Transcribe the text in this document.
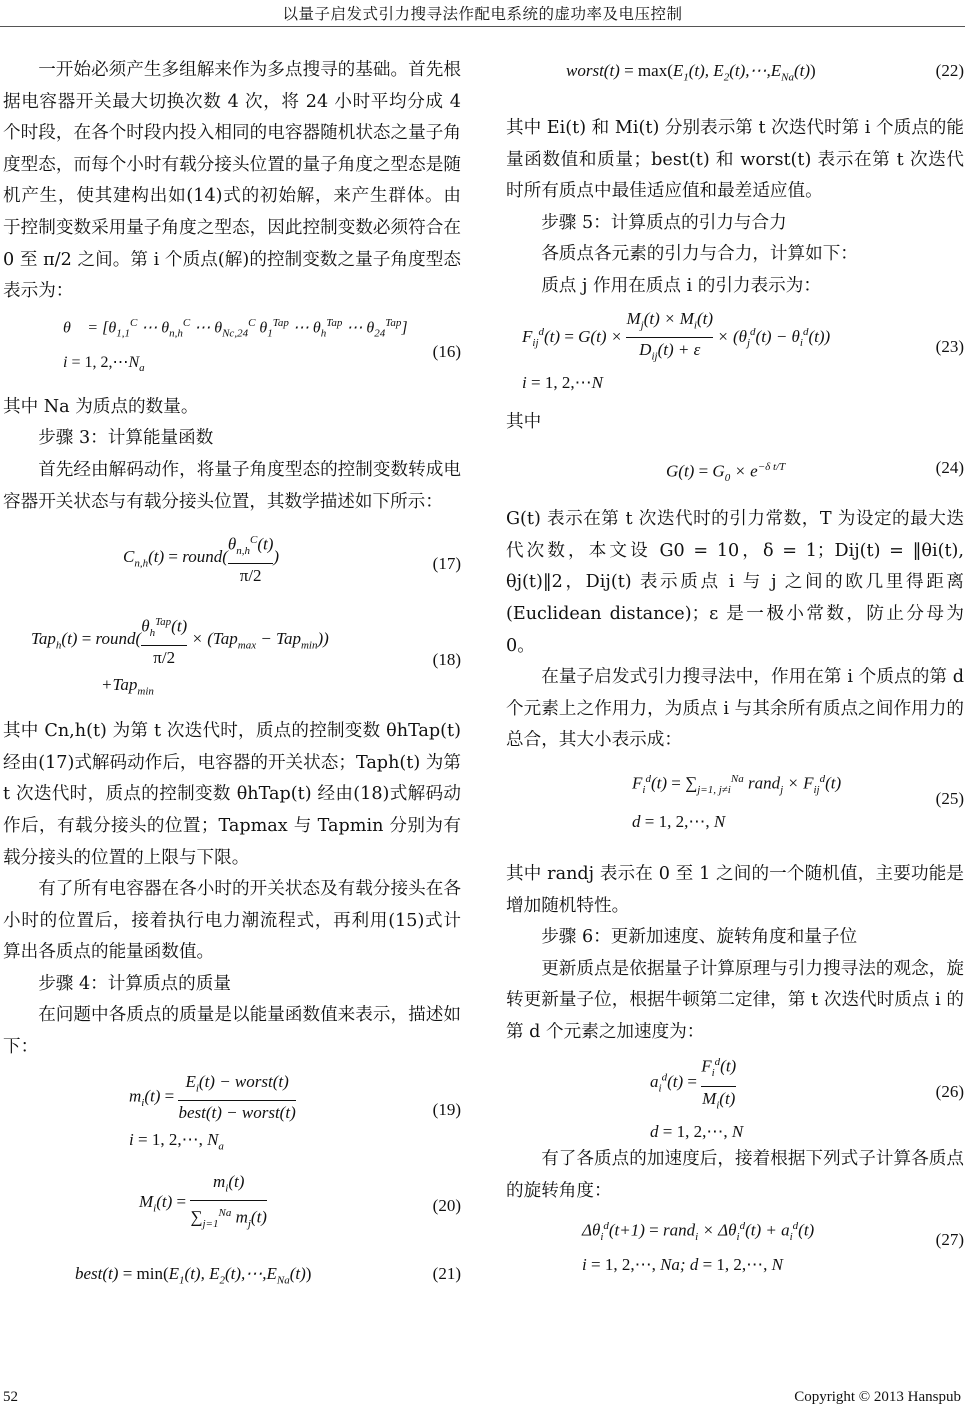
以量子启发式引力搜寻法作配电系统的虚功率及电压控制

一开始必须产生多组解来作为多点搜寻的基础。首先根据电容器开关最大切换次数 4 次，将 24 小时平均分成 4 个时段，在各个时段内投入相同的电容器随机状态之量子角度型态，而每个小时有载分接头位置的量子角度之型态是随机产生，使其建构出如(14)式的初始解，来产生群体。由于控制变数采用量子角度之型态，因此控制变数必须符合在 0 至 π/2 之间。第 i 个质点(解)的控制变数之量子角度型态表示为：

θ⃗ = [$\theta_{1,1}^C$ ⋯ $\theta_{n,h}^C$ ⋯ $\theta_{Nc,24}^C$ $\theta_1^{Tap}$ ⋯ $\theta_h^{Tap}$ ⋯ $\theta_{24}^{Tap}$]
i = 1, $2,\cdots N_a$
(16)

其中 Na 为质点的数量。

步骤 3：计算能量函数

首先经由解码动作，将量子角度型态的控制变数转成电容器开关状态与有载分接头位置，其数学描述如下所示：

$C_{n,h}(t)$ = round( $\frac{\theta_{n,h}^C(t)}{\pi/2}$ )	(17)
Tap$_h$(t) = round( $\frac{\theta_h^{Tap}(t)}{\pi/2} \times (Tap_{max} - Tap_{min})$)
+Tap$_{min}$
(18)

其中 Cn,h(t) 为第 t 次迭代时，质点的控制变数 θhTap(t) 经由(17)式解码动作后，电容器的开关状态；Taph(t) 为第 t 次迭代时，质点的控制变数 θhTap(t) 经由(18)式解码动作后，有载分接头的位置；Tapmax 与 Tapmin 分别为有载分接头的位置的上限与下限。

有了所有电容器在各小时的开关状态及有载分接头在各小时的位置后，接着执行电力潮流程式，再利用(15)式计算出各质点的能量函数值。

步骤 4：计算质点的质量

在问题中各质点的质量是以能量函数值来表示，描述如下：

$m_i(t) = \frac{E_i(t) - worst(t)}{\text{best(t) − worst(t)}}$

i = 1, 2,⋯, $N_a$
(19)
$M_i(t) = \frac{m_i(t)}{\sum_{j=1}^{Na} m_j(t)}$	(20)
best(t) = $\min(E_1(t)$, $E_2(t),\cdots,E_{Na}(t)$)	(21)
worst(t) = $\max(E_1(t)$, $E_2(t),\cdots,E_{Na}(t)$)	(22)

其中 Ei(t) 和 Mi(t) 分别表示第 t 次迭代时第 i 个质点的能量函数值和质量；best(t) 和 worst(t) 表示在第 t 次迭代时所有质点中最佳适应值和最差适应值。

步骤 5：计算质点的引力与合力

各质点各元素的引力与合力，计算如下：

质点 j 作用在质点 i 的引力表示为：

$F_{ij}^d(t) = G(t) \times \frac{M_j(t) \times M_i(t)}{D_{ij}(t) + \varepsilon} \times (\theta_j^d(t) - \theta_i^d(t))$
i = 1, 2,⋯N
(23)

其中

$G(t) = G_0 \times e^{-\delta t/T}$	(24)

G(t) 表示在第 t 次迭代时的引力常数，T 为设定的最大迭代次数，本文设 G0 = 10，δ = 1；Dij(t) = ‖θi(t), θj(t)‖2，Dij(t) 表示质点 i 与 j 之间的欧几里得距离(Euclidean distance)；ε 是一极小常数，防止分母为 0。

在量子启发式引力搜寻法中，作用在第 i 个质点的第 d 个元素上之作用力，为质点 i 与其余所有质点之间作用力的总合，其大小表示成：

$F_i^d(t) = \sum_{j=1, j\ne i}^{Na}$ rand$_j$ × $F_{ij}^d(t)$
d = 1, 2,⋯, N
(25)

其中 randj 表示在 0 至 1 之间的一个随机值，主要功能是增加随机特性。

步骤 6：更新加速度、旋转角度和量子位

更新质点是依据量子计算原理与引力搜寻法的观念，旋转更新量子位，根据牛顿第二定律，第 t 次迭代时质点 i 的第 d 个元素之加速度为：

$a_i^d(t) = \frac{F_i^d(t)}{M_i(t)}$

d = 1, 2,⋯, N
(26)

有了各质点的加速度后，接着根据下列式子计算各质点的旋转角度：

$\Delta\theta_i^d(t+1)$ = rand$_i$ × $\Delta\theta_i^d(t) + a_i^d(t)$
i = 1, 2,⋯, Na; d = 1, 2,⋯, N
(27)
52	Copyright © 2013 Hanspub
